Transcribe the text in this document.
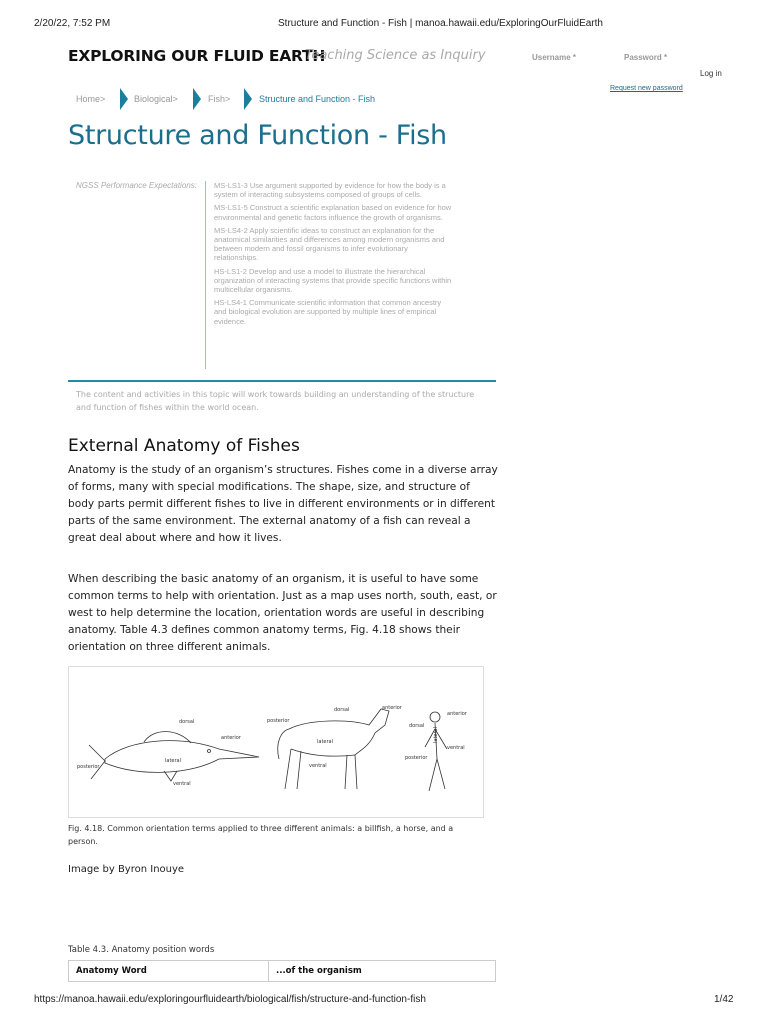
2/20/22, 7:52 PM	Structure and Function - Fish | manoa.hawaii.edu/ExploringOurFluidEarth
EXPLORING OUR FLUID EARTH
Teaching Science as Inquiry	Username *	Password *
Log in
Request new password
Home>	Biological>	Fish>	Structure and Function - Fish
Structure and Function - Fish
NGSS Performance Expectations: MS-LS1-3 Use argument supported by evidence for how the body is a system of interacting subsystems composed of groups of cells.
MS-LS1-5 Construct a scientific explanation based on evidence for how environmental and genetic factors influence the growth of organisms.
MS-LS4-2 Apply scientific ideas to construct an explanation for the anatomical similarities and differences among modern organisms and between modern and fossil organisms to infer evolutionary relationships.
HS-LS1-2 Develop and use a model to illustrate the hierarchical organization of interacting systems that provide specific functions within multicellular organisms.
HS-LS4-1 Communicate scientific information that common ancestry and biological evolution are supported by multiple lines of empirical evidence.
The content and activities in this topic will work towards building an understanding of the structure and function of fishes within the world ocean.
External Anatomy of Fishes
Anatomy is the study of an organism’s structures. Fishes come in a diverse array of forms, many with special modifications. The shape, size, and structure of body parts permit different fishes to live in different environments or in different parts of the same environment. The external anatomy of a fish can reveal a great deal about where and how it lives.
When describing the basic anatomy of an organism, it is useful to have some common terms to help with orientation. Just as a map uses north, south, east, or west to help determine the location, orientation words are useful in describing anatomy. Table 4.3 defines common anatomy terms, Fig. 4.18 shows their orientation on three different animals.
dorsal
anterior
lateral
posterior
ventral
posterior
dorsal	anterior
lateral
ventral
dorsal
anterior
lateral
ventral
posterior
Fig. 4.18. Common orientation terms applied to three different animals: a billfish, a horse, and a person.
Image by Byron Inouye
Table 4.3. Anatomy position words
Anatomy Word	...of the organism
https://manoa.hawaii.edu/exploringourfluidearth/biological/fish/structure-and-function-fish	1/42
